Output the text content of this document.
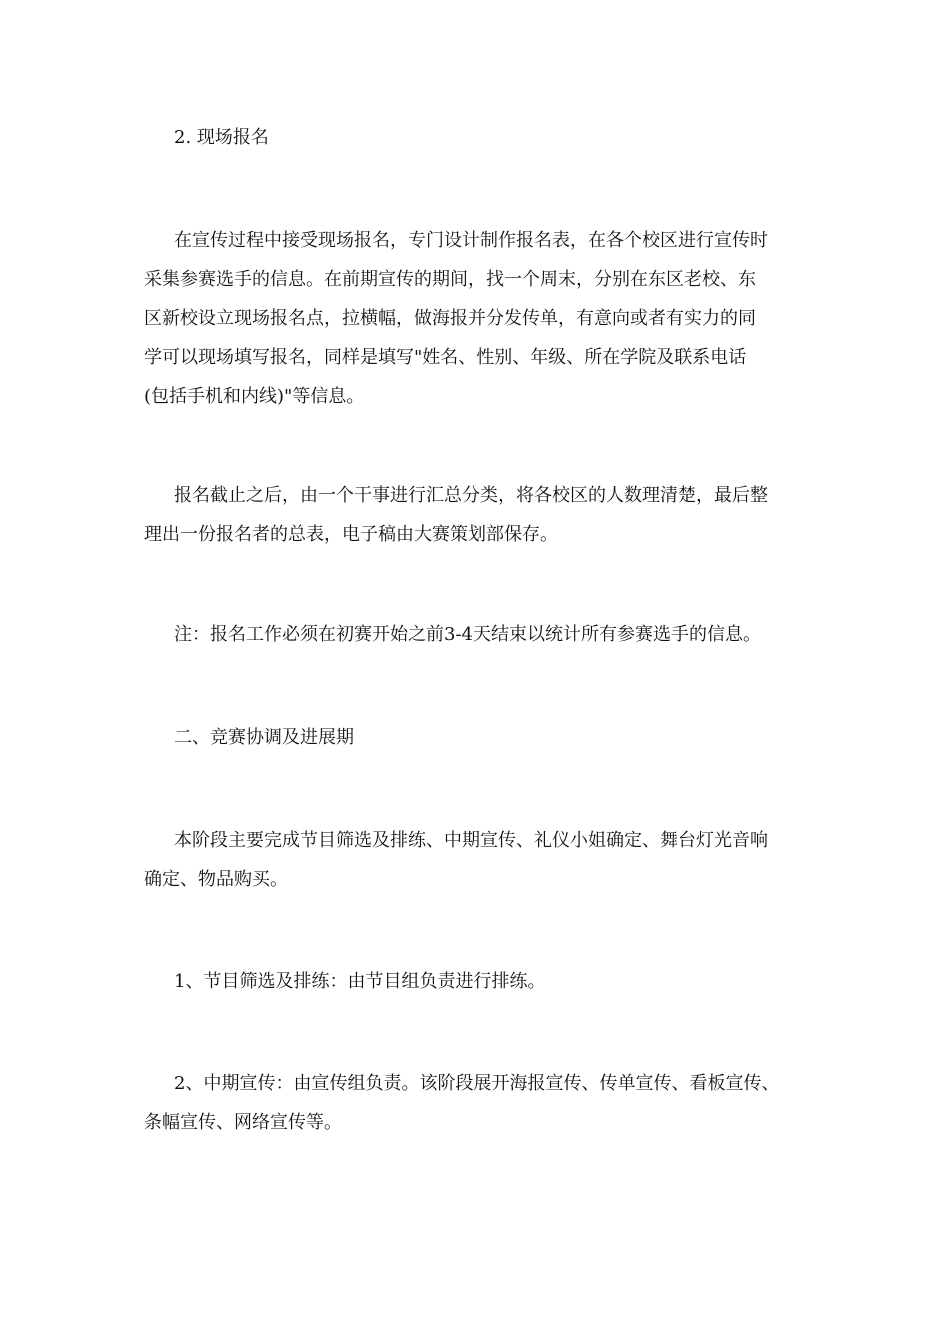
2. 现场报名

在宣传过程中接受现场报名，专门设计制作报名表，在各个校区进行宣传时
采集参赛选手的信息。在前期宣传的期间，找一个周末，分别在东区老校、东
区新校设立现场报名点，拉横幅，做海报并分发传单，有意向或者有实力的同
学可以现场填写报名，同样是填写"姓名、性别、年级、所在学院及联系电话
(包括手机和内线)"等信息。

报名截止之后，由一个干事进行汇总分类，将各校区的人数理清楚，最后整
理出一份报名者的总表，电子稿由大赛策划部保存。

注：报名工作必须在初赛开始之前3-4天结束以统计所有参赛选手的信息。

二、竞赛协调及进展期

本阶段主要完成节目筛选及排练、中期宣传、礼仪小姐确定、舞台灯光音响
确定、物品购买。

1、节目筛选及排练：由节目组负责进行排练。

2、中期宣传：由宣传组负责。该阶段展开海报宣传、传单宣传、看板宣传、
条幅宣传、网络宣传等。
